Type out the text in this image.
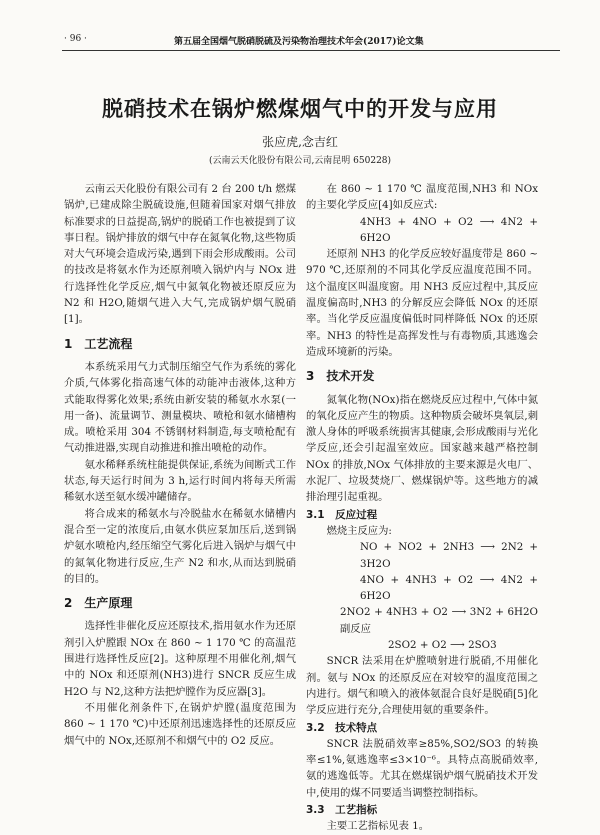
· 96 ·	第五届全国烟气脱硝脱硫及污染物治理技术年会(2017)论文集
脱硝技术在锅炉燃煤烟气中的开发与应用
张应虎,念吉红
(云南云天化股份有限公司,云南昆明 650228)

云南云天化股份有限公司有 2 台 200 t/h 燃煤锅炉,已建成除尘脱硫设施,但随着国家对烟气排放标准要求的日益提高,锅炉的脱硝工作也被提到了议事日程。锅炉排放的烟气中存在氮氧化物,这些物质对大气环境会造成污染,遇到下雨会形成酸雨。公司的技改是将氨水作为还原剂喷入锅炉内与 NOx 进行选择性化学反应,烟气中氮氧化物被还原反应为 N2 和 H2O,随烟气进入大气,完成锅炉烟气脱硝[1]。

1　工艺流程

本系统采用气力式制压缩空气作为系统的雾化介质,气体雾化指高速气体的动能冲击液体,这种方式能取得雾化效果;系统由新安装的稀氨水水泵(一用一备)、流量调节、测量模块、喷枪和氨水储槽构成。喷枪采用 304 不锈钢材料制造,每支喷枪配有气动推进器,实现自动推进和推出喷枪的动作。

氨水稀释系统柱能提供保证,系统为间断式工作状态,每天运行时间为 3 h,运行时间内将每天所需稀氨水送至氨水缓冲罐储存。

将合成来的稀氨水与冷脱盐水在稀氨水储槽内混合至一定的浓度后,由氨水供应泵加压后,送到锅炉氨水喷枪内,经压缩空气雾化后进入锅炉与烟气中的氮氧化物进行反应,生产 N2 和水,从而达到脱硝的目的。

2　生产原理

选择性非催化反应还原技术,指用氨水作为还原剂引入炉膛跟 NOx 在 860 ~ 1 170 ℃ 的高温范围进行选择性反应[2]。这种原理不用催化剂,烟气中的 NOx 和还原剂(NH3)进行 SNCR 反应生成 H2O 与 N2,这种方法把炉膛作为反应器[3]。

不用催化剂条件下,在锅炉炉膛(温度范围为 860 ~ 1 170 ℃)中还原剂迅速选择性的还原反应烟气中的 NOx,还原剂不和烟气中的 O2 反应。

在 860 ~ 1 170 ℃ 温度范围,NH3 和 NOx 的主要化学反应[4]如反应式:

4NH3 + 4NO + O2 ⟶ 4N2 + 6H2O

还原剂 NH3 的化学反应较好温度带是 860 ~ 970 ℃,还原剂的不同其化学反应温度范围不同。这个温度区叫温度窗。用 NH3 反应过程中,其反应温度偏高时,NH3 的分解反应会降低 NOx 的还原率。当化学反应温度偏低时同样降低 NOx 的还原率。NH3 的特性是高挥发性与有毒物质,其逃逸会造成环境新的污染。

3　技术开发

氮氧化物(NOx)指在燃烧反应过程中,气体中氮的氧化反应产生的物质。这种物质会破坏臭氧层,刺激人身体的呼吸系统损害其健康,会形成酸雨与光化学反应,还会引起温室效应。国家越来越严格控制 NOx 的排放,NOx 气体排放的主要来源是火电厂、水泥厂、垃圾焚烧厂、燃煤锅炉等。这些地方的减排治理引起重视。

3.1　反应过程

燃烧主反应为:

NO + NO2 + 2NH3 ⟶ 2N2 + 3H2O

4NO + 4NH3 + O2 ⟶ 4N2 + 6H2O

2NO2 + 4NH3 + O2 ⟶ 3N2 + 6H2O副反应

2SO2 + O2 ⟶ 2SO3

SNCR 法采用在炉膛喷射进行脱硝,不用催化剂。氨与 NOx 的还原反应在对较窄的温度范围之内进行。烟气和喷入的液体氨混合良好是脱硝[5]化学反应进行充分,合理使用氨的重要条件。

3.2　技术特点

SNCR 法脱硝效率≥85%,SO2/SO3 的转换率≤1%,氨逃逸率≤3×10⁻⁶。具特点高脱硝效率,氨的逃逸低等。尤其在燃煤锅炉烟气脱硝技术开发中,使用的煤不同要适当调整控制指标。

3.3　工艺指标

主要工艺指标见表 1。
